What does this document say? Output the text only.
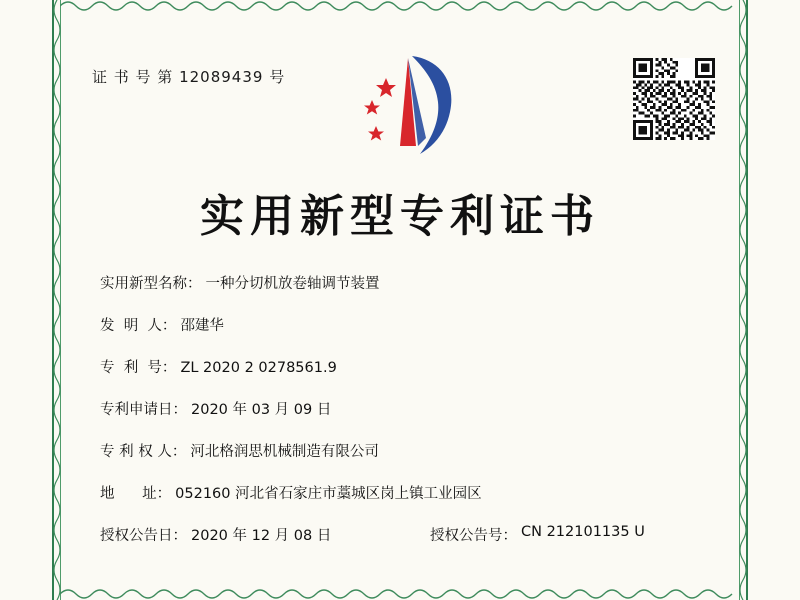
证 书 号 第 12089439 号
实用新型专利证书
实用新型名称： 一种分切机放卷轴调节装置
发  明  人： 邵建华
专  利  号： ZL 2020 2 0278561.9
专利申请日： 2020 年 03 月 09 日
专 利 权 人： 河北格润思机械制造有限公司
地      址： 052160 河北省石家庄市藁城区岗上镇工业园区
授权公告日： 2020 年 12 月 08 日	授权公告号： CN 212101135 U
